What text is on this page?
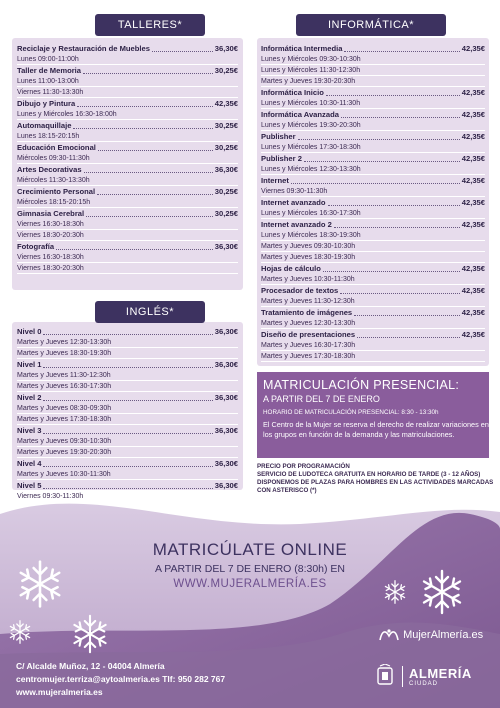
TALLERES*
Reciclaje y Restauración de Muebles	36,30€
Lunes 09:00-11:00h
Taller de Memoria	30,25€
Lunes 11:00-13:00h
Viernes 11:30-13:30h
Dibujo y Pintura	42,35€
Lunes y Miércoles 16:30-18:00h
Automaquillaje	30,25€
Lunes 18:15-20:15h
Educación Emocional	30,25€
Miércoles 09:30-11:30h
Artes Decorativas	36,30€
Miércoles 11:30-13:30h
Crecimiento Personal	30,25€
Miércoles 18:15-20:15h
Gimnasia Cerebral	30,25€
Viernes 16:30-18:30h
Viernes 18:30-20:30h
Fotografía	36,30€
Viernes 16:30-18:30h
Viernes 18:30-20:30h
INGLÉS*
Nivel 0	36,30€
Martes y Jueves 12:30-13:30h
Martes y Jueves 18:30-19:30h
Nivel 1	36,30€
Martes y Jueves 11:30-12:30h
Martes y Jueves 16:30-17:30h
Nivel 2	36,30€
Martes y Jueves 08:30-09:30h
Martes y Jueves 17:30-18:30h
Nivel 3	36,30€
Martes y Jueves 09:30-10:30h
Martes y Jueves 19:30-20:30h
Nivel 4	36,30€
Martes y Jueves 10:30-11:30h
Nivel 5	36,30€
Viernes 09:30-11:30h
INFORMÁTICA*
Informática Intermedia	42,35€
Lunes y Miércoles 09:30-10:30h
Lunes y Miércoles 11:30-12:30h
Martes y Jueves 19:30-20:30h
Informática Inicio	42,35€
Lunes y Miércoles 10:30-11:30h
Informática Avanzada	42,35€
Lunes y Miércoles 19:30-20:30h
Publisher	42,35€
Lunes y Miércoles 17:30-18:30h
Publisher 2	42,35€
Lunes y Miércoles 12:30-13:30h
Internet	42,35€
Viernes 09:30-11:30h
Internet avanzado	42,35€
Lunes y Miércoles 16:30-17:30h
Internet avanzado 2	42,35€
Lunes y Miércoles 18:30-19:30h
Martes y Jueves 09:30-10:30h
Martes y Jueves 18:30-19:30h
Hojas de cálculo	42,35€
Martes y Jueves 10:30-11:30h
Procesador de textos	42,35€
Martes y Jueves 11:30-12:30h
Tratamiento de imágenes	42,35€
Martes y Jueves 12:30-13:30h
Diseño de presentaciones	42,35€
Martes y Jueves 16:30-17:30h
Martes y Jueves 17:30-18:30h
MATRICULACIÓN PRESENCIAL:
A PARTIR DEL 7 DE ENERO
HORARIO DE MATRICULACIÓN PRESENCIAL: 8:30 - 13:30h
El Centro de la Mujer se reserva el derecho de realizar variaciones en los grupos en función de la demanda y las matriculaciones.
PRECIO POR PROGRAMACIÓN
SERVICIO DE LUDOTECA GRATUITA EN HORARIO DE TARDE (3 - 12 AÑOS)
DISPONEMOS DE PLAZAS PARA HOMBRES EN LAS ACTIVIDADES MARCADAS CON ASTERISCO (*)
MATRICÚLATE ONLINE
A PARTIR DEL 7 DE ENERO (8:30h) EN
WWW.MUJERALMERÍA.ES
C/ Alcalde Muñoz, 12 - 04004 Almería
centromujer.terriza@aytoalmeria.es Tlf: 950 282 767
www.mujeralmeria.es
MujerAlmería.es
ALMERÍA
CIUDAD
